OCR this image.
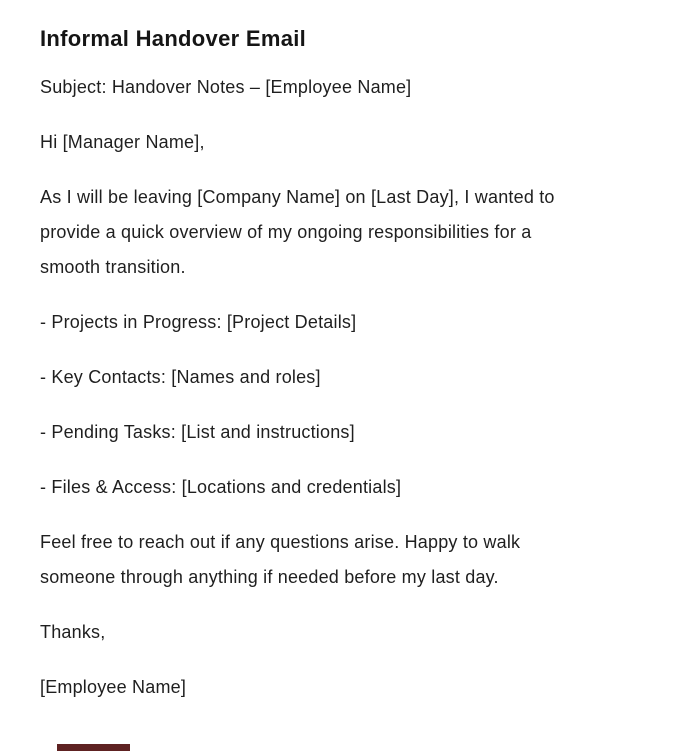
Informal Handover Email
Subject: Handover Notes – [Employee Name]
Hi [Manager Name],
As I will be leaving [Company Name] on [Last Day], I wanted to
provide a quick overview of my ongoing responsibilities for a
smooth transition.
- Projects in Progress: [Project Details]
- Key Contacts: [Names and roles]
- Pending Tasks: [List and instructions]
- Files & Access: [Locations and credentials]
Feel free to reach out if any questions arise. Happy to walk
someone through anything if needed before my last day.
Thanks,
[Employee Name]
